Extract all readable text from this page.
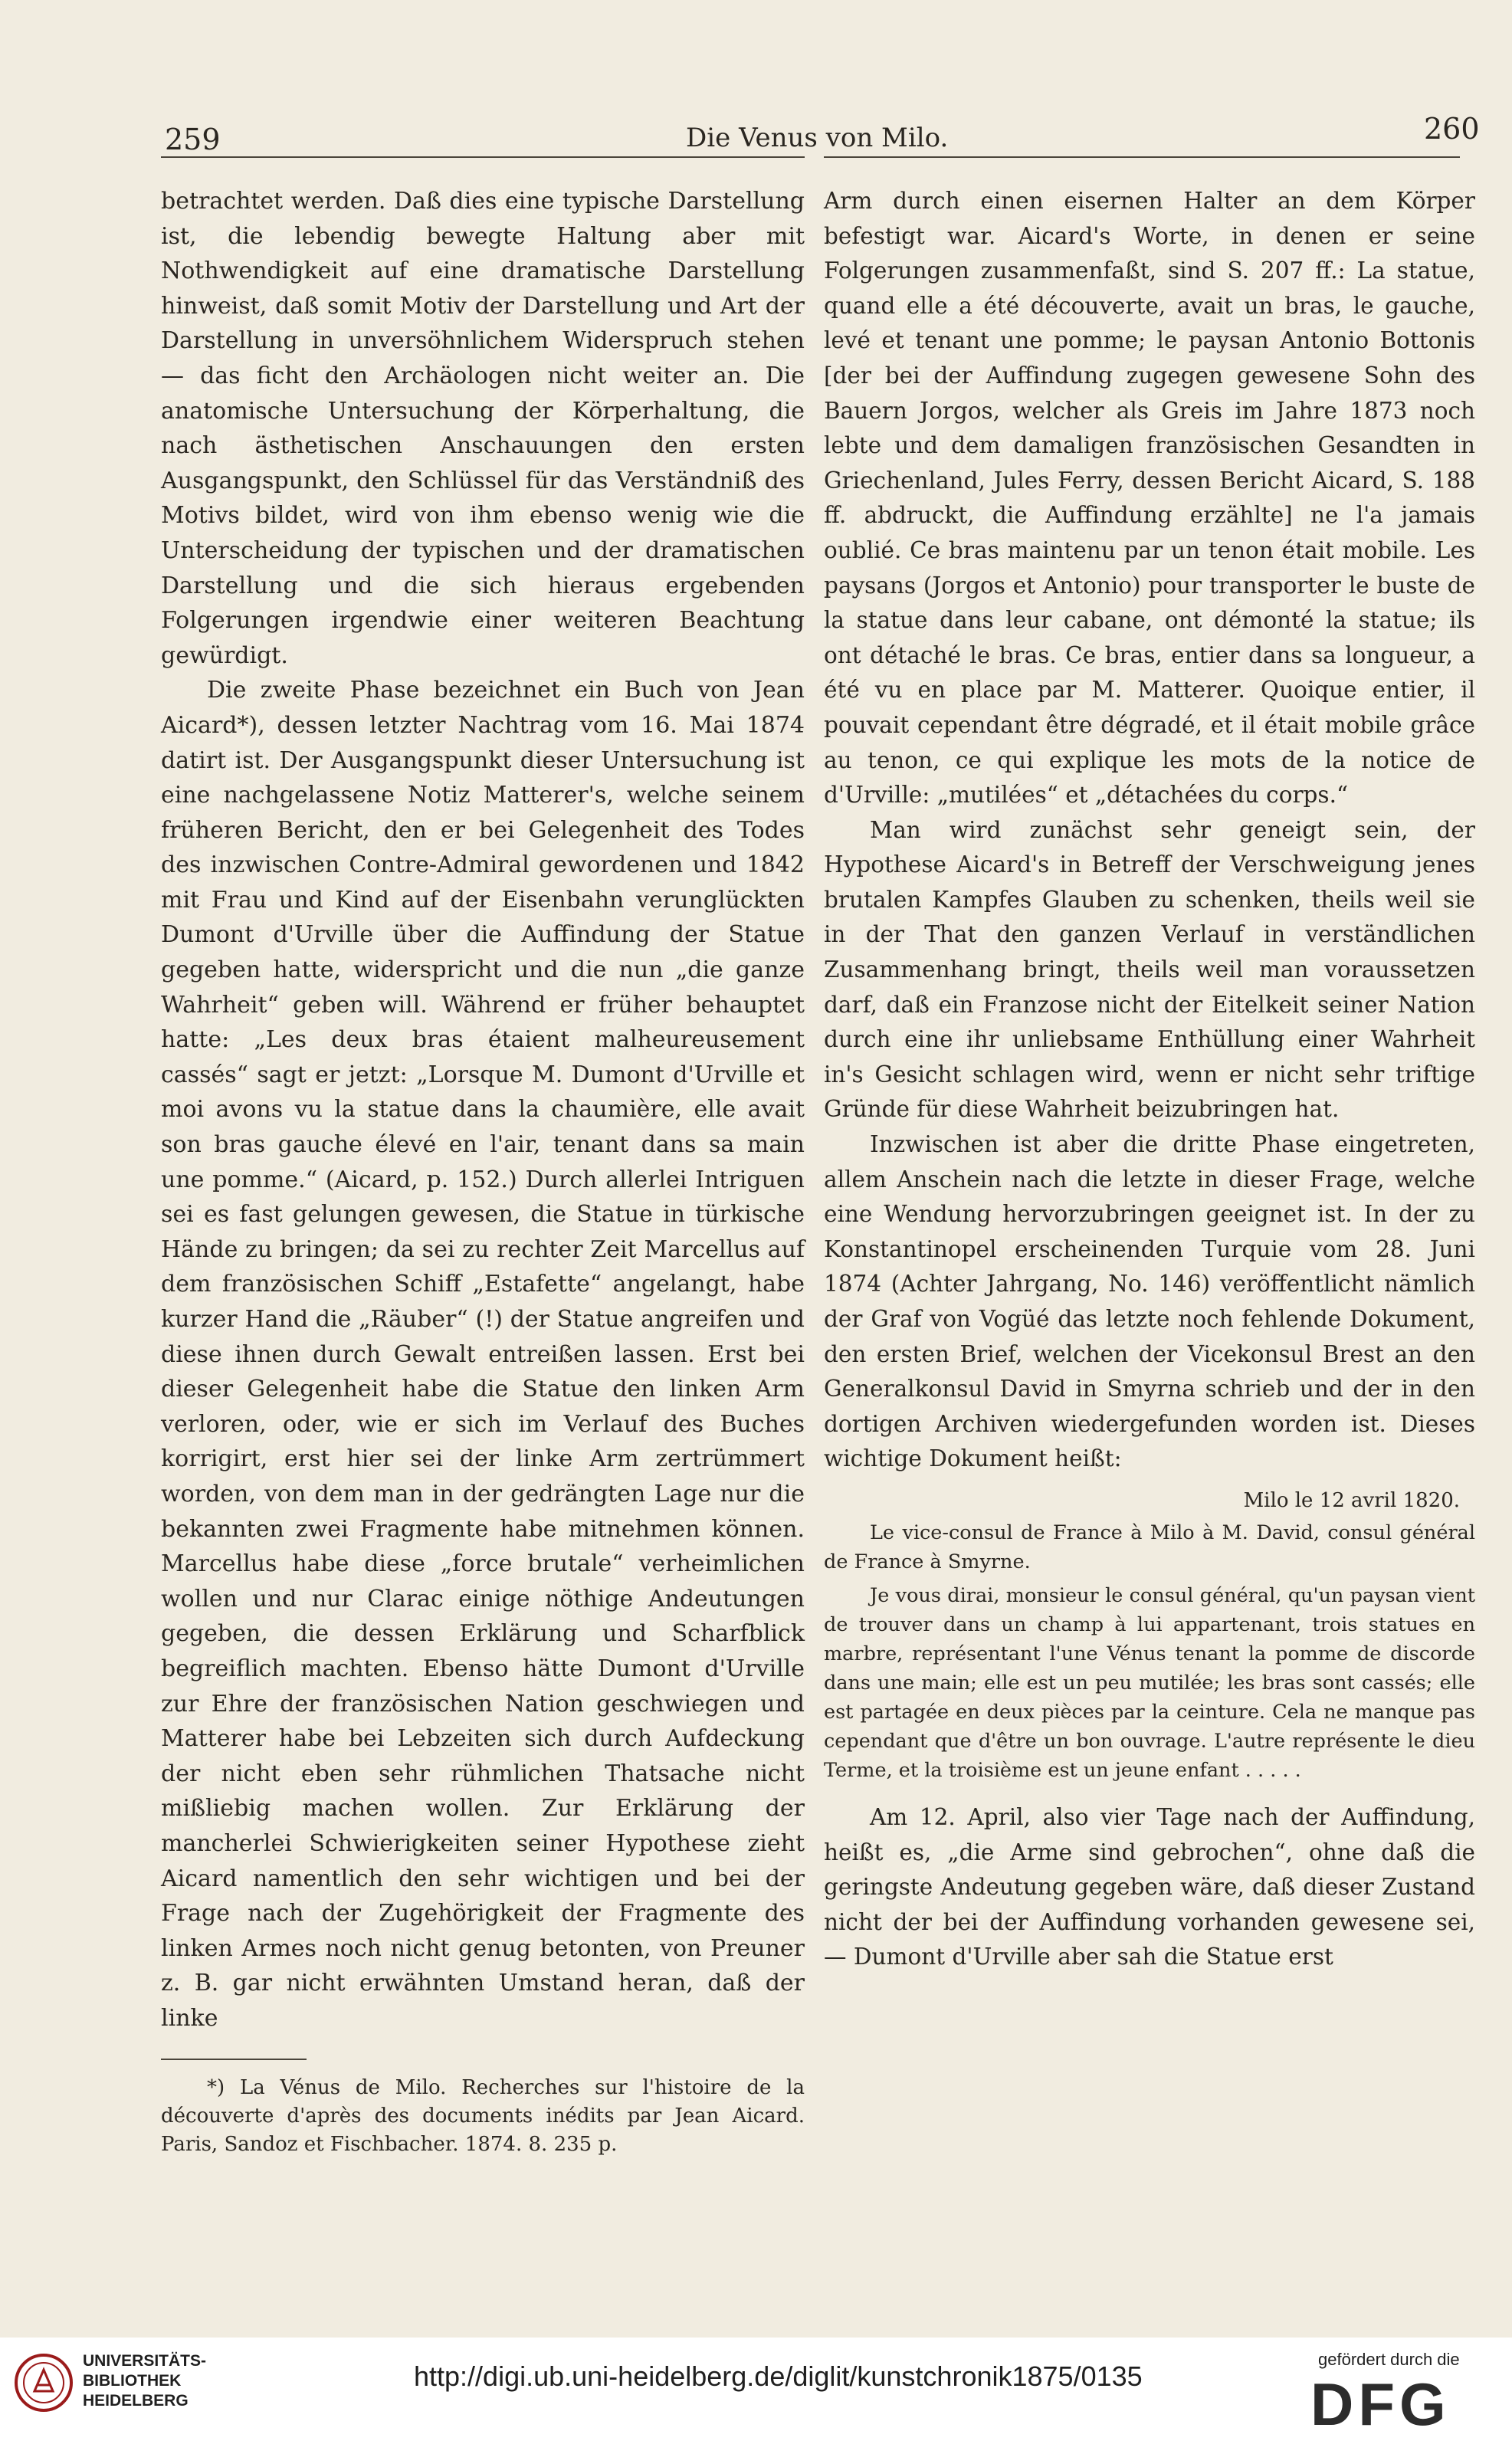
259	Die Venus von Milo.	260

betrachtet werden. Daß dies eine typische Darstellung ist, die lebendig bewegte Haltung aber mit Nothwendigkeit auf eine dramatische Darstellung hinweist, daß somit Motiv der Darstellung und Art der Darstellung in unversöhnlichem Widerspruch stehen — das ficht den Archäologen nicht weiter an. Die anatomische Untersuchung der Körperhaltung, die nach ästhetischen Anschauungen den ersten Ausgangspunkt, den Schlüssel für das Verständniß des Motivs bildet, wird von ihm ebenso wenig wie die Unterscheidung der typischen und der dramatischen Darstellung und die sich hieraus ergebenden Folgerungen irgendwie einer weiteren Beachtung gewürdigt.

Die zweite Phase bezeichnet ein Buch von Jean Aicard*), dessen letzter Nachtrag vom 16. Mai 1874 datirt ist. Der Ausgangspunkt dieser Untersuchung ist eine nachgelassene Notiz Matterer's, welche seinem früheren Bericht, den er bei Gelegenheit des Todes des inzwischen Contre-Admiral gewordenen und 1842 mit Frau und Kind auf der Eisenbahn verunglückten Dumont d'Urville über die Auffindung der Statue gegeben hatte, widerspricht und die nun „die ganze Wahrheit“ geben will. Während er früher behauptet hatte: „Les deux bras étaient malheureusement cassés“ sagt er jetzt: „Lorsque M. Dumont d'Urville et moi avons vu la statue dans la chaumière, elle avait son bras gauche élevé en l'air, tenant dans sa main une pomme.“ (Aicard, p. 152.) Durch allerlei Intriguen sei es fast gelungen gewesen, die Statue in türkische Hände zu bringen; da sei zu rechter Zeit Marcellus auf dem französischen Schiff „Estafette“ angelangt, habe kurzer Hand die „Räuber“ (!) der Statue angreifen und diese ihnen durch Gewalt entreißen lassen. Erst bei dieser Gelegenheit habe die Statue den linken Arm verloren, oder, wie er sich im Verlauf des Buches korrigirt, erst hier sei der linke Arm zertrümmert worden, von dem man in der gedrängten Lage nur die bekannten zwei Fragmente habe mitnehmen können. Marcellus habe diese „force brutale“ verheimlichen wollen und nur Clarac einige nöthige Andeutungen gegeben, die dessen Erklärung und Scharfblick begreiflich machten. Ebenso hätte Dumont d'Urville zur Ehre der französischen Nation geschwiegen und Matterer habe bei Lebzeiten sich durch Aufdeckung der nicht eben sehr rühmlichen Thatsache nicht mißliebig machen wollen. Zur Erklärung der mancherlei Schwierigkeiten seiner Hypothese zieht Aicard namentlich den sehr wichtigen und bei der Frage nach der Zugehörigkeit der Fragmente des linken Armes noch nicht genug betonten, von Preuner z. B. gar nicht erwähnten Umstand heran, daß der linke

*) La Vénus de Milo. Recherches sur l'histoire de la découverte d'après des documents inédits par Jean Aicard. Paris, Sandoz et Fischbacher. 1874. 8. 235 p.

Arm durch einen eisernen Halter an dem Körper befestigt war. Aicard's Worte, in denen er seine Folgerungen zusammenfaßt, sind S. 207 ff.: La statue, quand elle a été découverte, avait un bras, le gauche, levé et tenant une pomme; le paysan Antonio Bottonis [der bei der Auffindung zugegen gewesene Sohn des Bauern Jorgos, welcher als Greis im Jahre 1873 noch lebte und dem damaligen französischen Gesandten in Griechenland, Jules Ferry, dessen Bericht Aicard, S. 188 ff. abdruckt, die Auffindung erzählte] ne l'a jamais oublié. Ce bras maintenu par un tenon était mobile. Les paysans (Jorgos et Antonio) pour transporter le buste de la statue dans leur cabane, ont démonté la statue; ils ont détaché le bras. Ce bras, entier dans sa longueur, a été vu en place par M. Matterer. Quoique entier, il pouvait cependant être dégradé, et il était mobile grâce au tenon, ce qui explique les mots de la notice de d'Urville: „mutilées“ et „détachées du corps.“

Man wird zunächst sehr geneigt sein, der Hypothese Aicard's in Betreff der Verschweigung jenes brutalen Kampfes Glauben zu schenken, theils weil sie in der That den ganzen Verlauf in verständlichen Zusammenhang bringt, theils weil man voraussetzen darf, daß ein Franzose nicht der Eitelkeit seiner Nation durch eine ihr unliebsame Enthüllung einer Wahrheit in's Gesicht schlagen wird, wenn er nicht sehr triftige Gründe für diese Wahrheit beizubringen hat.

Inzwischen ist aber die dritte Phase eingetreten, allem Anschein nach die letzte in dieser Frage, welche eine Wendung hervorzubringen geeignet ist. In der zu Konstantinopel erscheinenden Turquie vom 28. Juni 1874 (Achter Jahrgang, No. 146) veröffentlicht nämlich der Graf von Vogüé das letzte noch fehlende Dokument, den ersten Brief, welchen der Vicekonsul Brest an den Generalkonsul David in Smyrna schrieb und der in den dortigen Archiven wiedergefunden worden ist. Dieses wichtige Dokument heißt:

Milo le 12 avril 1820.

Le vice-consul de France à Milo à M. David, consul général de France à Smyrne.

Je vous dirai, monsieur le consul général, qu'un paysan vient de trouver dans un champ à lui appartenant, trois statues en marbre, représentant l'une Vénus tenant la pomme de discorde dans une main; elle est un peu mutilée; les bras sont cassés; elle est partagée en deux pièces par la ceinture. Cela ne manque pas cependant que d'être un bon ouvrage. L'autre représente le dieu Terme, et la troisième est un jeune enfant . . . . .

Am 12. April, also vier Tage nach der Auffindung, heißt es, „die Arme sind gebrochen“, ohne daß die geringste Andeutung gegeben wäre, daß dieser Zustand nicht der bei der Auffindung vorhanden gewesene sei, — Dumont d'Urville aber sah die Statue erst

UNIVERSITÄTS-
BIBLIOTHEK
HEIDELBERG
http://digi.ub.uni-heidelberg.de/diglit/kunstchronik1875/0135
gefördert durch die
DFG
